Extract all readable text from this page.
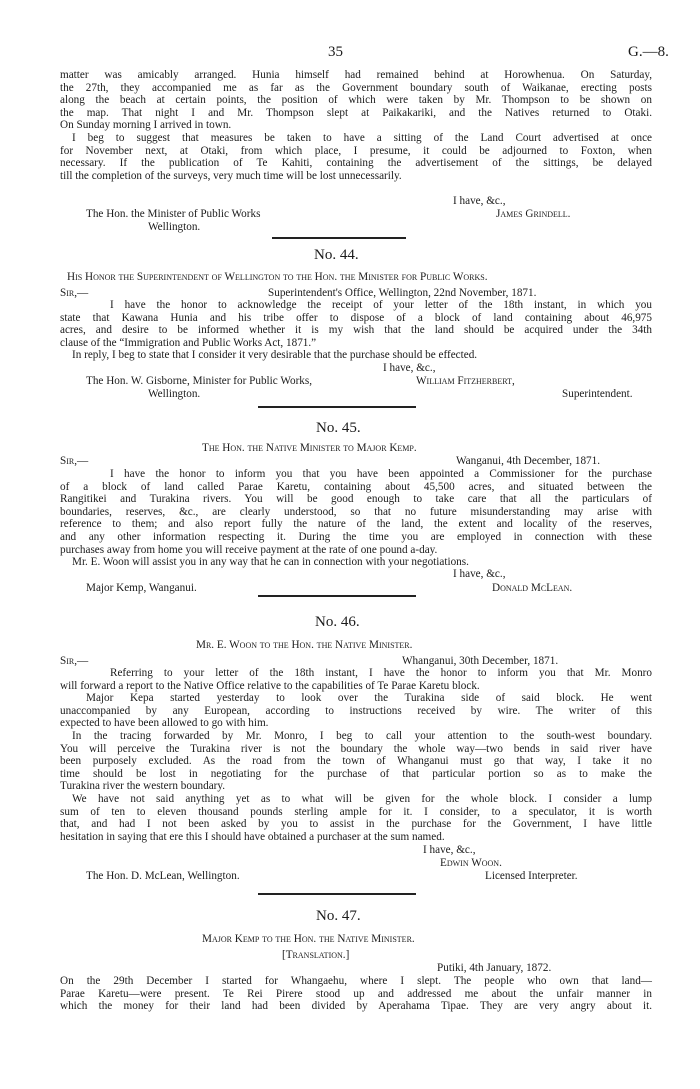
35	G.—8.
matter was amicably arranged. Hunia himself had remained behind at Horowhenua. On Saturday,
the 27th, they accompanied me as far as the Government boundary south of Waikanae, erecting posts
along the beach at certain points, the position of which were taken by Mr. Thompson to be shown on
the map. That night I and Mr. Thompson slept at Paikakariki, and the Natives returned to Otaki.
On Sunday morning I arrived in town.
I beg to suggest that measures be taken to have a sitting of the Land Court advertised at once
for November next, at Otaki, from which place, I presume, it could be adjourned to Foxton, when
necessary. If the publication of Te Kahiti, containing the advertisement of the sittings, be delayed
till the completion of the surveys, very much time will be lost unnecessarily.
I have, &c.,
The Hon. the Minister of Public Works	James Grindell.
Wellington.
No. 44.
His Honor the Superintendent of Wellington to the Hon. the Minister for Public Works.
Sir,—	Superintendent's Office, Wellington, 22nd November, 1871.
I have the honor to acknowledge the receipt of your letter of the 18th instant, in which you
state that Kawana Hunia and his tribe offer to dispose of a block of land containing about 46,975
acres, and desire to be informed whether it is my wish that the land should be acquired under the 34th
clause of the “Immigration and Public Works Act, 1871.”
In reply, I beg to state that I consider it very desirable that the purchase should be effected.
I have, &c.,
The Hon. W. Gisborne, Minister for Public Works,	William Fitzherbert,
Wellington.	Superintendent.
No. 45.
The Hon. the Native Minister to Major Kemp.
Sir,—	Wanganui, 4th December, 1871.
I have the honor to inform you that you have been appointed a Commissioner for the purchase
of a block of land called Parae Karetu, containing about 45,500 acres, and situated between the
Rangitikei and Turakina rivers. You will be good enough to take care that all the particulars of
boundaries, reserves, &c., are clearly understood, so that no future misunderstanding may arise with
reference to them; and also report fully the nature of the land, the extent and locality of the reserves,
and any other information respecting it. During the time you are employed in connection with these
purchases away from home you will receive payment at the rate of one pound a-day.
Mr. E. Woon will assist you in any way that he can in connection with your negotiations.
I have, &c.,
Major Kemp, Wanganui.	Donald McLean.
No. 46.
Mr. E. Woon to the Hon. the Native Minister.
Sir,—	Whanganui, 30th December, 1871.
Referring to your letter of the 18th instant, I have the honor to inform you that Mr. Monro
will forward a report to the Native Office relative to the capabilities of Te Parae Karetu block.
Major Kepa started yesterday to look over the Turakina side of said block. He went
unaccompanied by any European, according to instructions received by wire. The writer of this
expected to have been allowed to go with him.
In the tracing forwarded by Mr. Monro, I beg to call your attention to the south-west boundary.
You will perceive the Turakina river is not the boundary the whole way—two bends in said river have
been purposely excluded. As the road from the town of Whanganui must go that way, I take it no
time should be lost in negotiating for the purchase of that particular portion so as to make the
Turakina river the western boundary.
We have not said anything yet as to what will be given for the whole block. I consider a lump
sum of ten to eleven thousand pounds sterling ample for it. I consider, to a speculator, it is worth
that, and had I not been asked by you to assist in the purchase for the Government, I have little
hesitation in saying that ere this I should have obtained a purchaser at the sum named.
I have, &c.,
Edwin Woon.
The Hon. D. McLean, Wellington.	Licensed Interpreter.
No. 47.
Major Kemp to the Hon. the Native Minister.
[Translation.]
Putiki, 4th January, 1872.
On the 29th December I started for Whangaehu, where I slept. The people who own that land—
Parae Karetu—were present. Te Rei Pirere stood up and addressed me about the unfair manner in
which the money for their land had been divided by Aperahama Tipae. They are very angry about it.
